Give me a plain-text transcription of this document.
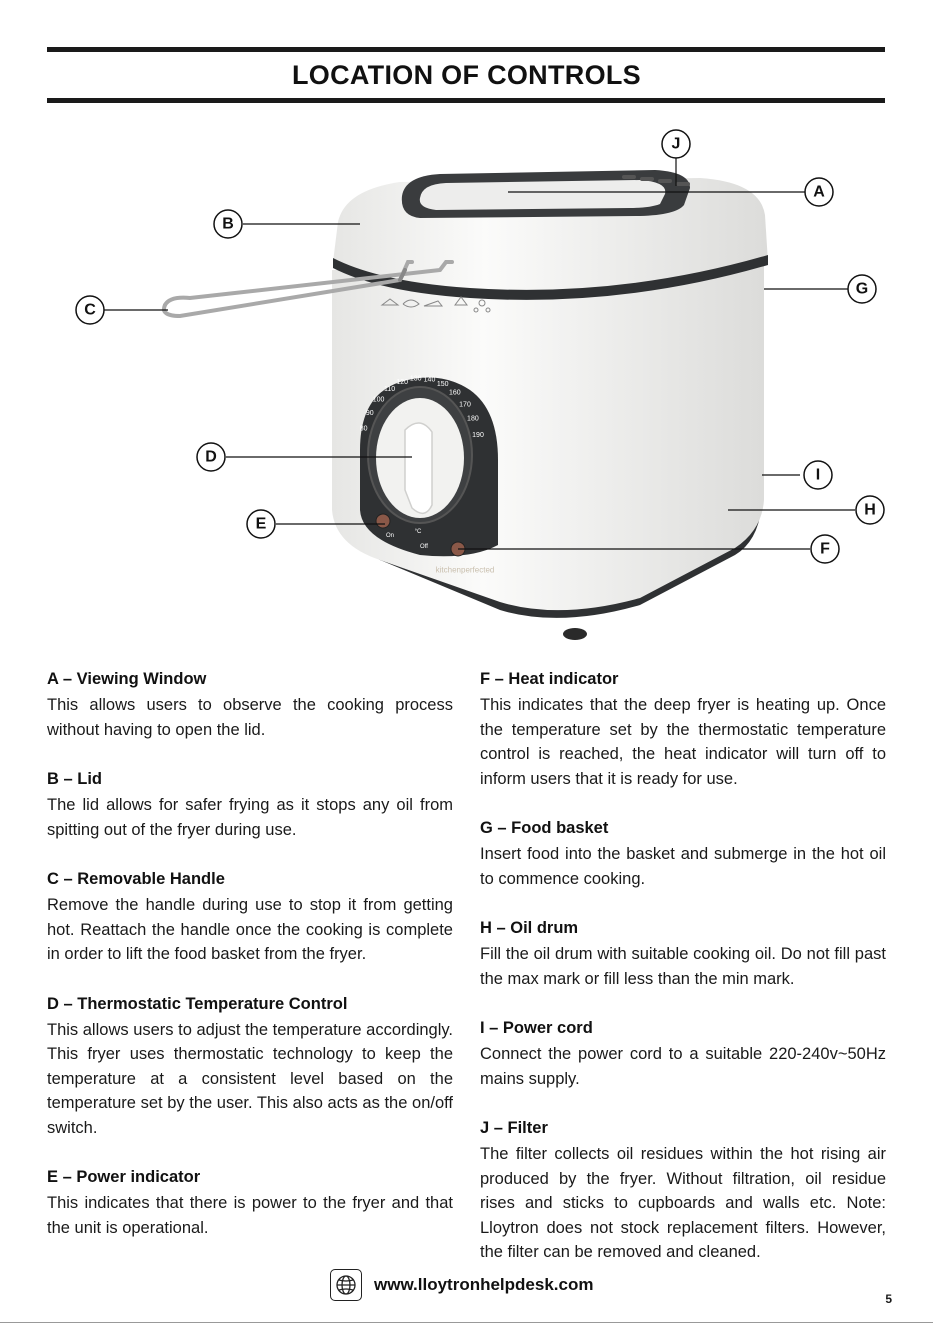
LOCATION OF CONTROLS
80
90
100
110
120 130 140
150
160
170
180
190
On
°C
Off
kitchenperfected
J
A
B
G
C
D
I
H
E
F
A – Viewing Window

This allows users to observe the cooking process without having to open the lid.

B – Lid

The lid allows for safer frying as it stops any oil from spitting out of the fryer during use.

C – Removable Handle

Remove the handle during use to stop it from getting hot. Reattach the handle once the cooking is complete in order to lift the food basket from the fryer.

D – Thermostatic Temperature Control

This allows users to adjust the temperature accordingly. This fryer uses thermostatic technology to keep the temperature at a consistent level based on the temperature set by the user. This also acts as the on/off switch.

E – Power indicator

This indicates that there is power to the fryer and that the unit is operational.

F – Heat indicator

This indicates that the deep fryer is heating up. Once the temperature set by the thermostatic temperature control is reached, the heat indicator will turn off to inform users that it is ready for use.

G – Food basket

Insert food into the basket and submerge in the hot oil to commence cooking.

H – Oil drum

Fill the oil drum with suitable cooking oil. Do not fill past the max mark or fill less than the min mark.

I – Power cord

Connect the power cord to a suitable 220-240v~50Hz mains supply.

J – Filter

The filter collects oil residues within the hot rising air produced by the fryer. Without filtration, oil residue rises and sticks to cupboards and walls etc. Note: Lloytron does not stock replacement filters. However, the filter can be removed and cleaned.

www.lloytronhelpdesk.com
5
